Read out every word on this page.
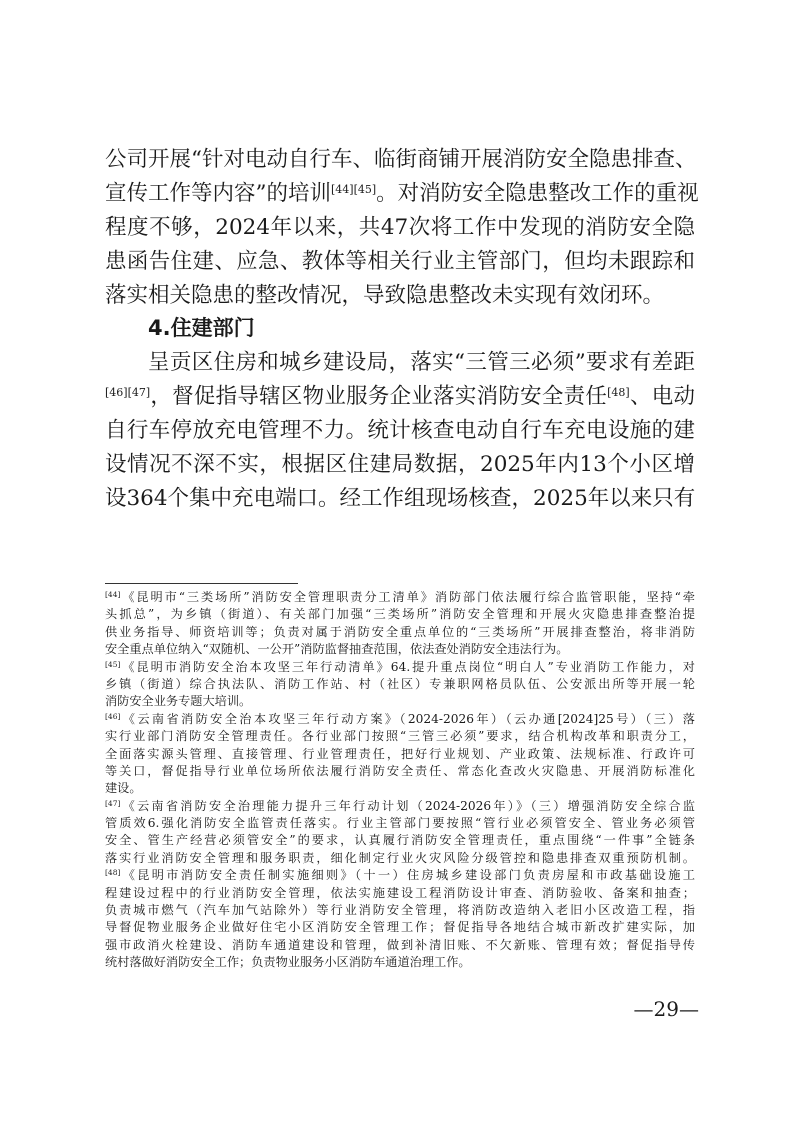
公司开展“针对电动自行车、临街商铺开展消防安全隐患排查、
宣传工作等内容”的培训[44][45]。对消防安全隐患整改工作的重视
程度不够，2024年以来，共47次将工作中发现的消防安全隐
患函告住建、应急、教体等相关行业主管部门，但均未跟踪和
落实相关隐患的整改情况，导致隐患整改未实现有效闭环。
4.住建部门
呈贡区住房和城乡建设局，落实“三管三必须”要求有差距
[46][47]，督促指导辖区物业服务企业落实消防安全责任[48]、电动
自行车停放充电管理不力。统计核查电动自行车充电设施的建
设情况不深不实，根据区住建局数据，2025年内13个小区增
设364个集中充电端口。经工作组现场核查，2025年以来只有
[44]《昆明市“三类场所”消防安全管理职责分工清单》消防部门依法履行综合监管职能，坚持“牵
头抓总”，为乡镇（街道）、有关部门加强“三类场所”消防安全管理和开展火灾隐患排查整治提
供业务指导、师资培训等；负责对属于消防安全重点单位的“三类场所”开展排查整治，将非消防
安全重点单位纳入“双随机、一公开”消防监督抽查范围，依法查处消防安全违法行为。
[45]《昆明市消防安全治本攻坚三年行动清单》64.提升重点岗位“明白人”专业消防工作能力，对
乡镇（街道）综合执法队、消防工作站、村（社区）专兼职网格员队伍、公安派出所等开展一轮
消防安全业务专题大培训。
[46]《云南省消防安全治本攻坚三年行动方案》（2024-2026年）（云办通[2024]25号）（三）落
实行业部门消防安全管理责任。各行业部门按照“三管三必须”要求，结合机构改革和职责分工，
全面落实源头管理、直接管理、行业管理责任，把好行业规划、产业政策、法规标准、行政许可
等关口，督促指导行业单位场所依法履行消防安全责任、常态化查改火灾隐患、开展消防标准化
建设。
[47]《云南省消防安全治理能力提升三年行动计划（2024-2026年）》（三）增强消防安全综合监
管质效6.强化消防安全监管责任落实。行业主管部门要按照“管行业必须管安全、管业务必须管
安全、管生产经营必须管安全”的要求，认真履行消防安全管理责任，重点围绕“一件事”全链条
落实行业消防安全管理和服务职责，细化制定行业火灾风险分级管控和隐患排查双重预防机制。
[48]《昆明市消防安全责任制实施细则》（十一）住房城乡建设部门负责房屋和市政基础设施工
程建设过程中的行业消防安全管理，依法实施建设工程消防设计审查、消防验收、备案和抽查；
负责城市燃气（汽车加气站除外）等行业消防安全管理，将消防改造纳入老旧小区改造工程，指
导督促物业服务企业做好住宅小区消防安全管理工作；督促指导各地结合城市新改扩建实际，加
强市政消火栓建设、消防车通道建设和管理，做到补清旧账、不欠新账、管理有效；督促指导传
统村落做好消防安全工作；负责物业服务小区消防车通道治理工作。
—29—
